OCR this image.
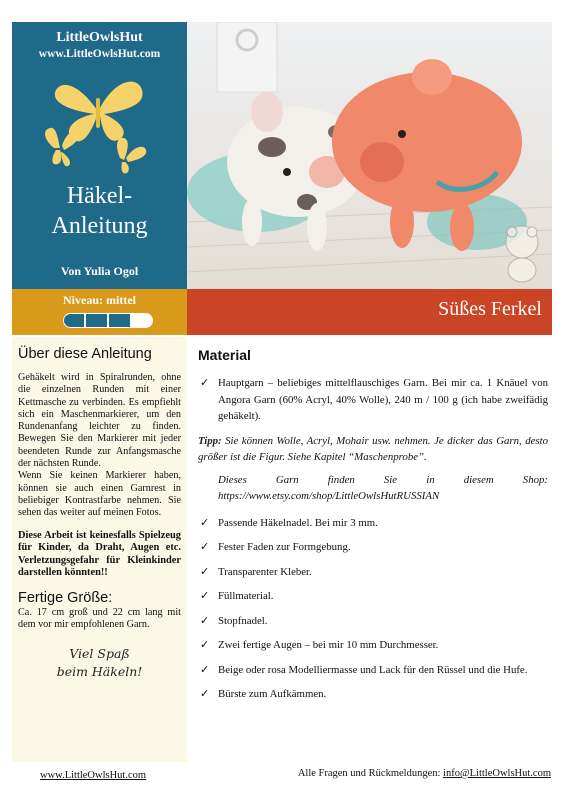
LittleOwlsHut
www.LittleOwlsHut.com
Häkel-
Anleitung
Von Yulia Ogol
Niveau: mittel	Süßes Ferkel
Über diese Anleitung

Gehäkelt wird in Spiralrunden, ohne die einzelnen Runden mit einer Kettmasche zu verbinden. Es empfiehlt sich ein Maschenmarkierer, um den Rundenanfang leichter zu finden. Bewegen Sie den Markierer mit jeder beendeten Runde zur Anfangsmasche der nächsten Runde.

Wenn Sie keinen Markierer haben, können sie auch einen Garnrest in beliebiger Kontrastfarbe nehmen. Sie sehen das weiter auf meinen Fotos.

Diese Arbeit ist keinesfalls Spielzeug für Kinder, da Draht, Augen etc. Verletzungsgefahr für Kleinkinder darstellen könnten!!

Fertige Größe:

Ca. 17 cm groß und 22 cm lang mit dem vor mir empfohlenen Garn.

Viel Spaß
beim Häkeln!
Material
✓ Hauptgarn – beliebiges mittelflauschiges Garn. Bei mir ca. 1 Knäuel von Angora Garn (60% Acryl, 40% Wolle), 240 m / 100 g (ich habe zweifädig gehäkelt).

Tipp: Sie können Wolle, Acryl, Mohair usw. nehmen. Je dicker das Garn, desto größer ist die Figur. Siehe Kapitel “Maschenprobe”.

Dieses Garn finden Sie in diesem Shop: https://www.etsy.com/shop/LittleOwlsHutRUSSIAN

✓ Passende Häkelnadel. Bei mir 3 mm.
✓ Fester Faden zur Formgebung.
✓ Transparenter Kleber.
✓ Füllmaterial.
✓ Stopfnadel.
✓ Zwei fertige Augen – bei mir 10 mm Durchmesser.
✓ Beige oder rosa Modelliermasse und Lack für den Rüssel und die Hufe.
✓ Bürste zum Aufkämmen.
www.LittleOwlsHut.com	Alle Fragen und Rückmeldungen: info@LittleOwlsHut.com
